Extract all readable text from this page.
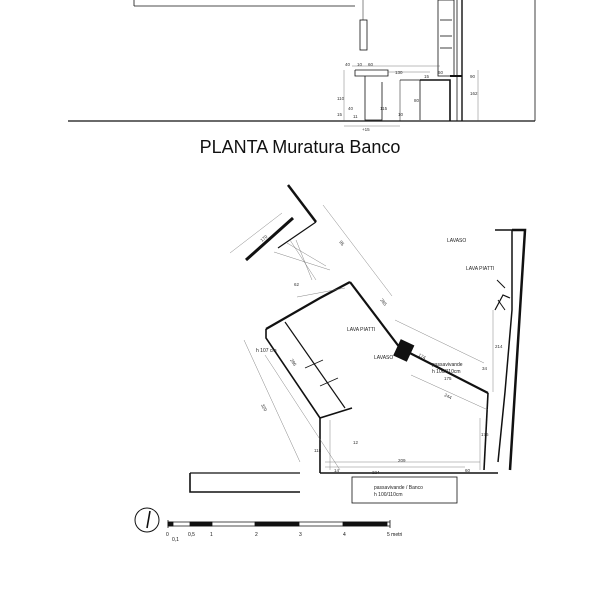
40 10 60
130	60
90
110	80
162
40	115
10
11
15
15
+15
PLANTA Muratura Banco
LAVASO
LAVA PIATTI
LAVA PIATTI
LAVASO
passavivande
h 100/110cm
passavivande / Banco
h 100/110cm
h 107 cm
170
95
62
285
286
320
174
175
244
214
209
224
118
176
12
34
60
14
0
0,1
0,5	1	2	3	4	5 metri
